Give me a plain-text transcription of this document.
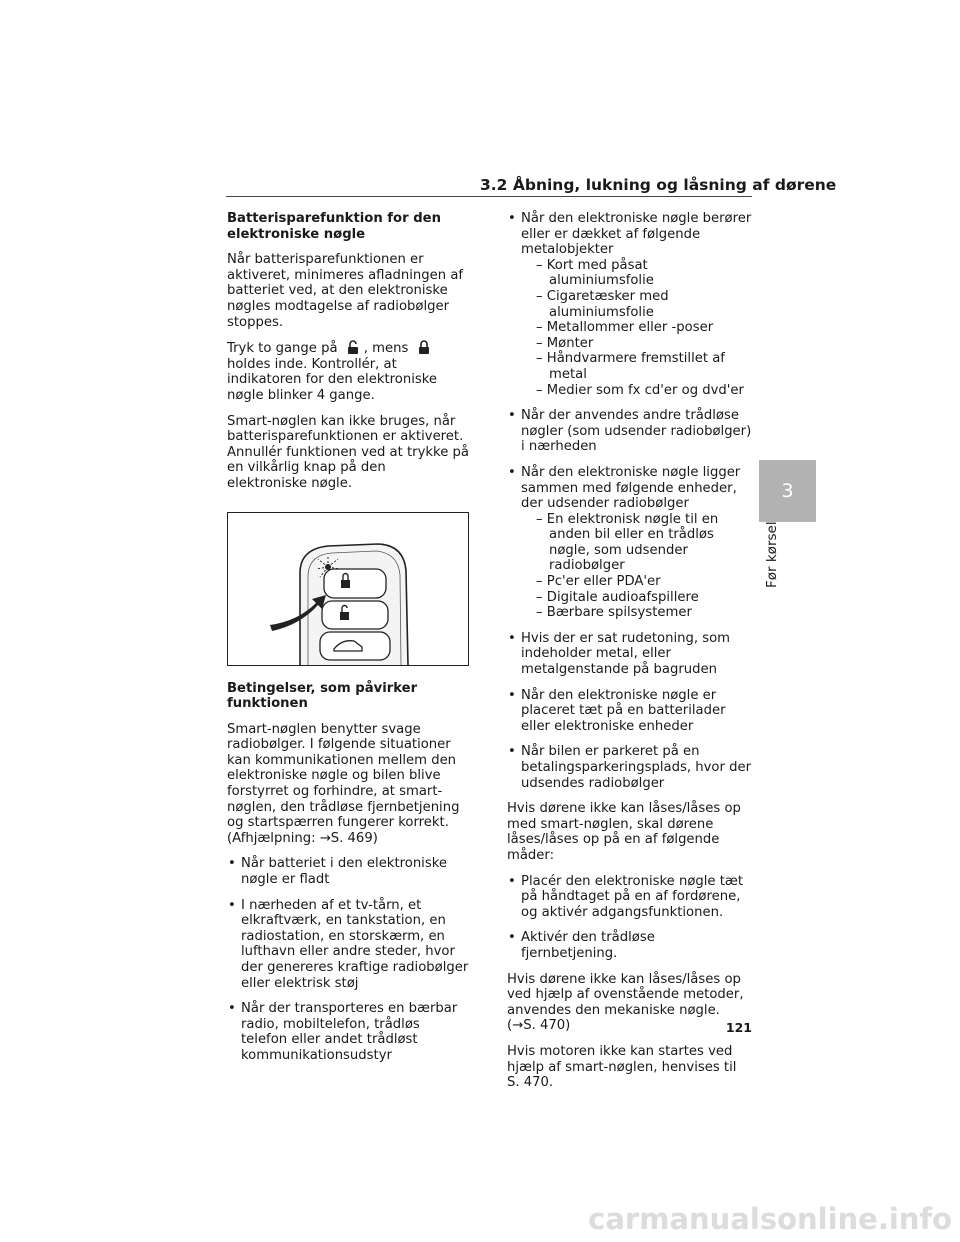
3.2 Åbning, lukning og låsning af dørene

Batterisparefunktion for den elektroniske nøgle

Når batterisparefunktionen er aktiveret, minimeres afladningen af batteriet ved, at den elektroniske nøgles modtagelse af radiobølger stoppes.

Tryk to gange på , mens  holdes inde. Kontrollér, at indikatoren for den elektroniske nøgle blinker 4 gange.

Smart-nøglen kan ikke bruges, når batterisparefunktionen er aktiveret. Annullér funktionen ved at trykke på en vilkårlig knap på den elektroniske nøgle.

Betingelser, som påvirker funktionen

Smart-nøglen benytter svage radiobølger. I følgende situationer kan kommunikationen mellem den elektroniske nøgle og bilen blive forstyrret og forhindre, at smart-nøglen, den trådløse fjernbetjening og startspærren fungerer korrekt. (Afhjælpning: →S. 469)

• Når batteriet i den elektroniske nøgle er fladt
• I nærheden af et tv-tårn, et elkraftværk, en tankstation, en radiostation, en storskærm, en lufthavn eller andre steder, hvor der genereres kraftige radiobølger eller elektrisk støj
• Når der transporteres en bærbar radio, mobiltelefon, trådløs telefon eller andet trådløst kommunikationsudstyr
• Når den elektroniske nøgle berører eller er dækket af følgende metalobjekter
– Kort med påsat aluminiumsfolie
– Cigaretæsker med aluminiumsfolie
– Metallommer eller -poser
– Mønter
– Håndvarmere fremstillet af metal
– Medier som fx cd'er og dvd'er
• Når der anvendes andre trådløse nøgler (som udsender radiobølger) i nærheden
• Når den elektroniske nøgle ligger sammen med følgende enheder, der udsender radiobølger
– En elektronisk nøgle til en anden bil eller en trådløs nøgle, som udsender radiobølger
– Pc'er eller PDA'er
– Digitale audioafspillere
– Bærbare spilsystemer
• Hvis der er sat rudetoning, som indeholder metal, eller metalgenstande på bagruden
• Når den elektroniske nøgle er placeret tæt på en batterilader eller elektroniske enheder
• Når bilen er parkeret på en betalingsparkeringsplads, hvor der udsendes radiobølger

Hvis dørene ikke kan låses/låses op med smart-nøglen, skal dørene låses/låses op på en af følgende måder:

• Placér den elektroniske nøgle tæt på håndtaget på en af fordørene, og aktivér adgangsfunktionen.
• Aktivér den trådløse fjernbetjening.

Hvis dørene ikke kan låses/låses op ved hjælp af ovenstående metoder, anvendes den mekaniske nøgle. (→S. 470)

Hvis motoren ikke kan startes ved hjælp af smart-nøglen, henvises til S. 470.

3
Før kørsel
121
carmanualsonline.info
